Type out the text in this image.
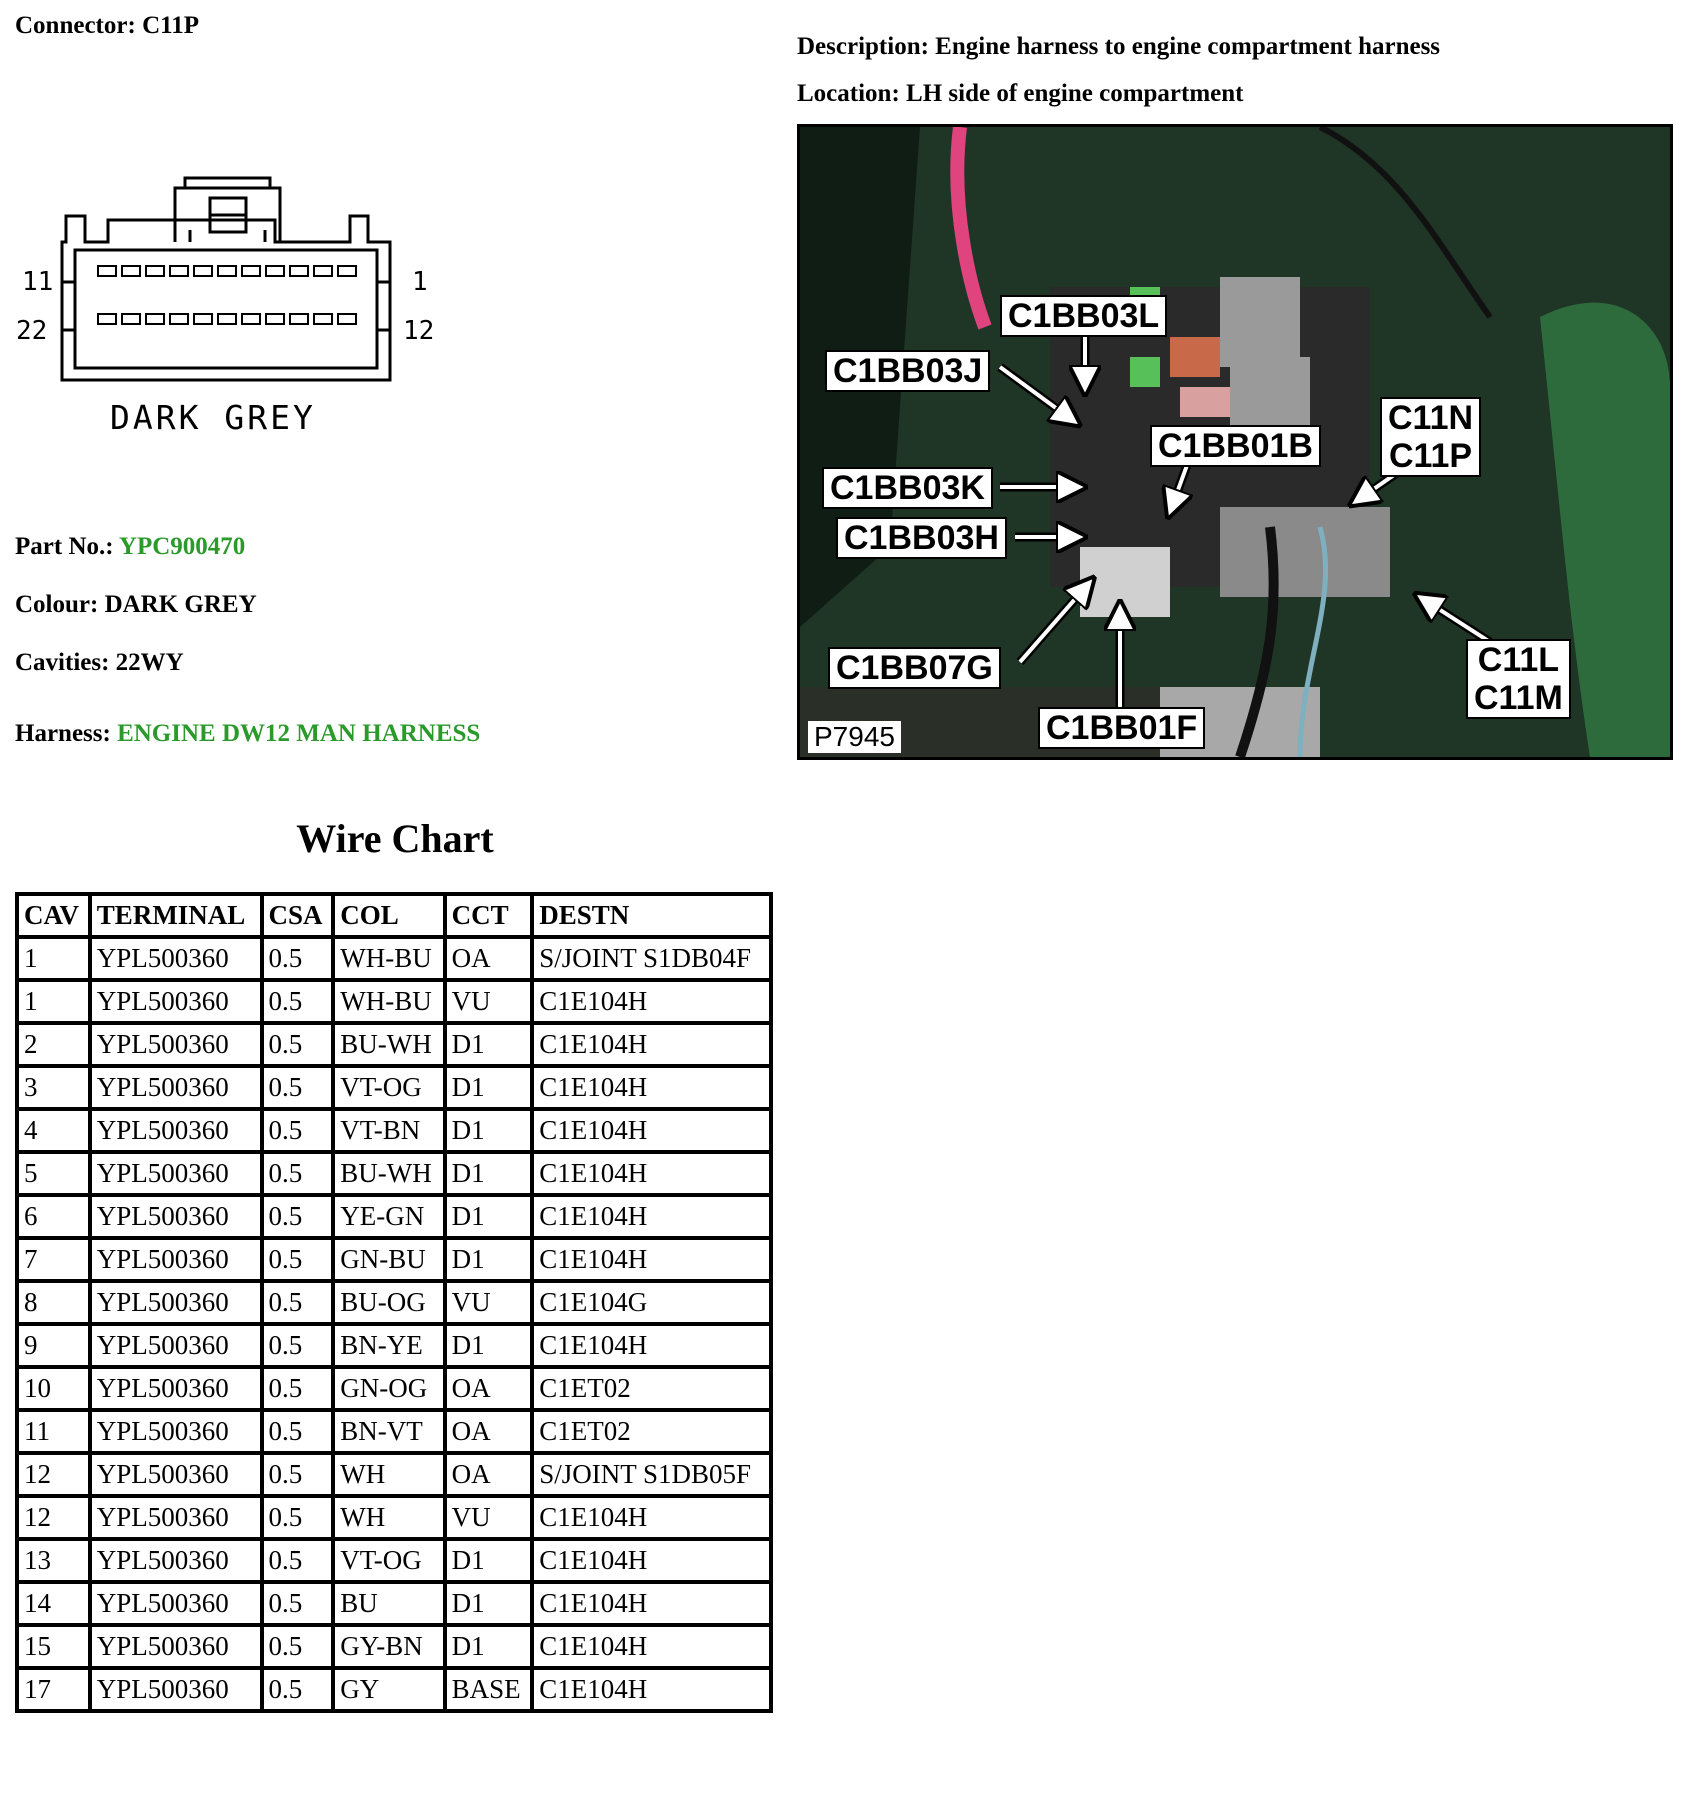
Connector: C11P
Description: Engine harness to engine compartment harness
Location: LH side of engine compartment
11	1
22	12
DARK GREY
Part No.: YPC900470
Colour: DARK GREY
Cavities: 22WY
Harness: ENGINE DW12 MAN HARNESS
C1BB03L
C1BB03J
C1BB01B
C11N
C11P
C1BB03K
C1BB03H
C1BB07G
C1BB01F
C11L
C11M
P7945
Wire Chart
CAV	TERMINAL	CSA	COL	CCT	DESTN
1	YPL500360	0.5	WH-BU	OA	S/JOINT S1DB04F
1	YPL500360	0.5	WH-BU	VU	C1E104H
2	YPL500360	0.5	BU-WH	D1	C1E104H
3	YPL500360	0.5	VT-OG	D1	C1E104H
4	YPL500360	0.5	VT-BN	D1	C1E104H
5	YPL500360	0.5	BU-WH	D1	C1E104H
6	YPL500360	0.5	YE-GN	D1	C1E104H
7	YPL500360	0.5	GN-BU	D1	C1E104H
8	YPL500360	0.5	BU-OG	VU	C1E104G
9	YPL500360	0.5	BN-YE	D1	C1E104H
10	YPL500360	0.5	GN-OG	OA	C1ET02
11	YPL500360	0.5	BN-VT	OA	C1ET02
12	YPL500360	0.5	WH	OA	S/JOINT S1DB05F
12	YPL500360	0.5	WH	VU	C1E104H
13	YPL500360	0.5	VT-OG	D1	C1E104H
14	YPL500360	0.5	BU	D1	C1E104H
15	YPL500360	0.5	GY-BN	D1	C1E104H
17	YPL500360	0.5	GY	BASE	C1E104H
